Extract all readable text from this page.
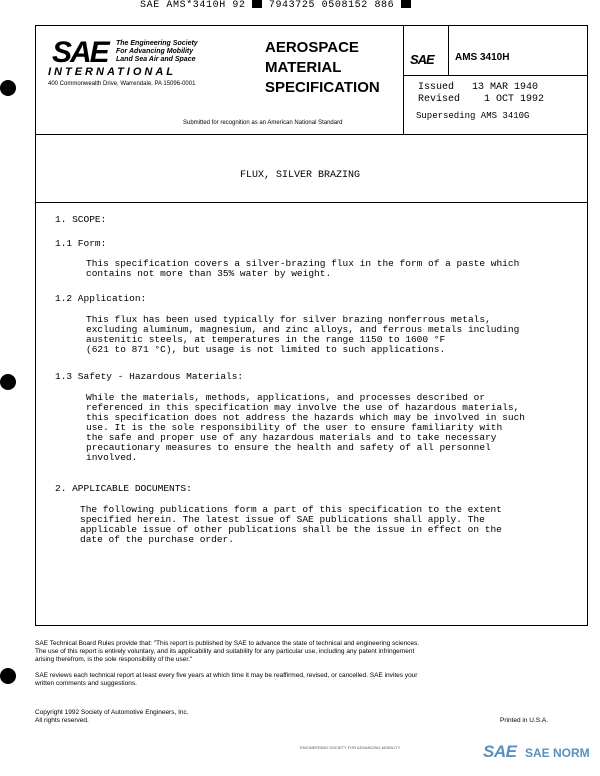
SAE AMS*3410H 92 7943725 0508152 886
SAE The Engineering Society
For Advancing Mobility
Land Sea Air and Space
INTERNATIONAL
400 Commonwealth Drive, Warrendale, PA 15096-0001
AEROSPACE
MATERIAL
SPECIFICATION
Submitted for recognition as an American National Standard
SAE AMS 3410H
Issued 13 MAR 1940
Revised 1 OCT 1992
Superseding AMS 3410G
FLUX, SILVER BRAZING
1. SCOPE:
1.1 Form:
This specification covers a silver-brazing flux in the form of a paste which
contains not more than 35% water by weight.
1.2 Application:
This flux has been used typically for silver brazing nonferrous metals,
excluding aluminum, magnesium, and zinc alloys, and ferrous metals including
austenitic steels, at temperatures in the range 1150 to 1600 °F
(621 to 871 °C), but usage is not limited to such applications.
1.3 Safety - Hazardous Materials:
While the materials, methods, applications, and processes described or
referenced in this specification may involve the use of hazardous materials,
this specification does not address the hazards which may be involved in such
use. It is the sole responsibility of the user to ensure familiarity with
the safe and proper use of any hazardous materials and to take necessary
precautionary measures to ensure the health and safety of all personnel
involved.
2. APPLICABLE DOCUMENTS:
The following publications form a part of this specification to the extent
specified herein. The latest issue of SAE publications shall apply. The
applicable issue of other publications shall be the issue in effect on the
date of the purchase order.
SAE Technical Board Rules provide that: "This report is published by SAE to advance the state of technical and engineering sciences.
The use of this report is entirely voluntary, and its applicability and suitability for any particular use, including any patent infringement
arising therefrom, is the sole responsibility of the user."
SAE reviews each technical report at least every five years at which time it may be reaffirmed, revised, or cancelled. SAE invites your
written comments and suggestions.
Copyright 1992 Society of Automotive Engineers, Inc.
All rights reserved.	Printed in U.S.A.
ENGINEERING SOCIETY FOR ADVANCING MOBILITY	SAE SAE NORM
